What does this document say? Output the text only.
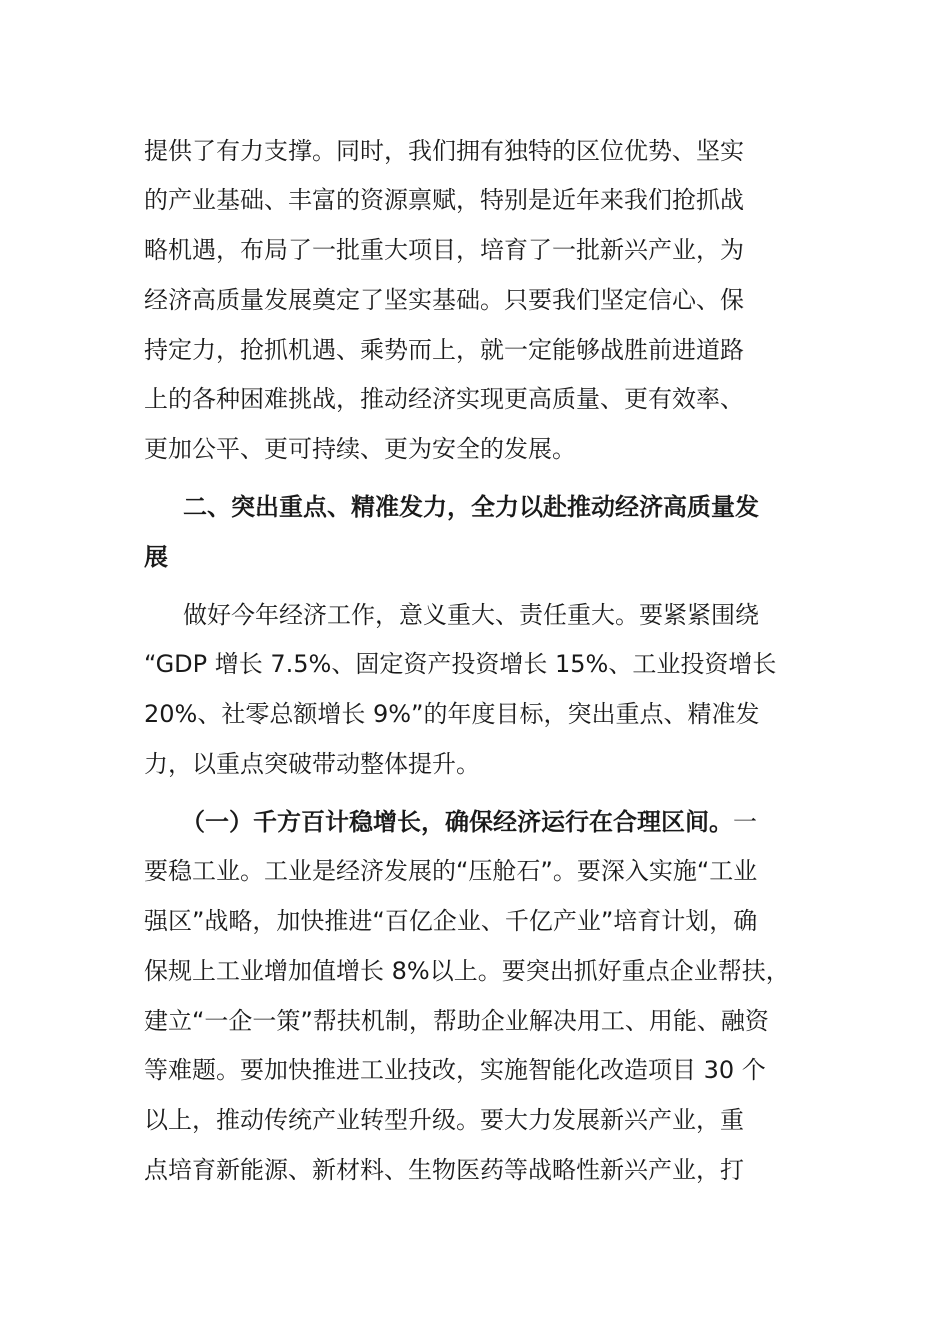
提供了有力支撑。同时，我们拥有独特的区位优势、坚实
的产业基础、丰富的资源禀赋，特别是近年来我们抢抓战
略机遇，布局了一批重大项目，培育了一批新兴产业，为
经济高质量发展奠定了坚实基础。只要我们坚定信心、保
持定力，抢抓机遇、乘势而上，就一定能够战胜前进道路
上的各种困难挑战，推动经济实现更高质量、更有效率、
更加公平、更可持续、更为安全的发展。
二、突出重点、精准发力，全力以赴推动经济高质量发
展
做好今年经济工作，意义重大、责任重大。要紧紧围绕
“GDP 增长 7.5%、固定资产投资增长 15%、工业投资增长
20%、社零总额增长 9%”的年度目标，突出重点、精准发
力，以重点突破带动整体提升。
（一）千方百计稳增长，确保经济运行在合理区间。一
要稳工业。工业是经济发展的“压舱石”。要深入实施“工业
强区”战略，加快推进“百亿企业、千亿产业”培育计划，确
保规上工业增加值增长 8%以上。要突出抓好重点企业帮扶，
建立“一企一策”帮扶机制，帮助企业解决用工、用能、融资
等难题。要加快推进工业技改，实施智能化改造项目 30 个
以上，推动传统产业转型升级。要大力发展新兴产业，重
点培育新能源、新材料、生物医药等战略性新兴产业，打
